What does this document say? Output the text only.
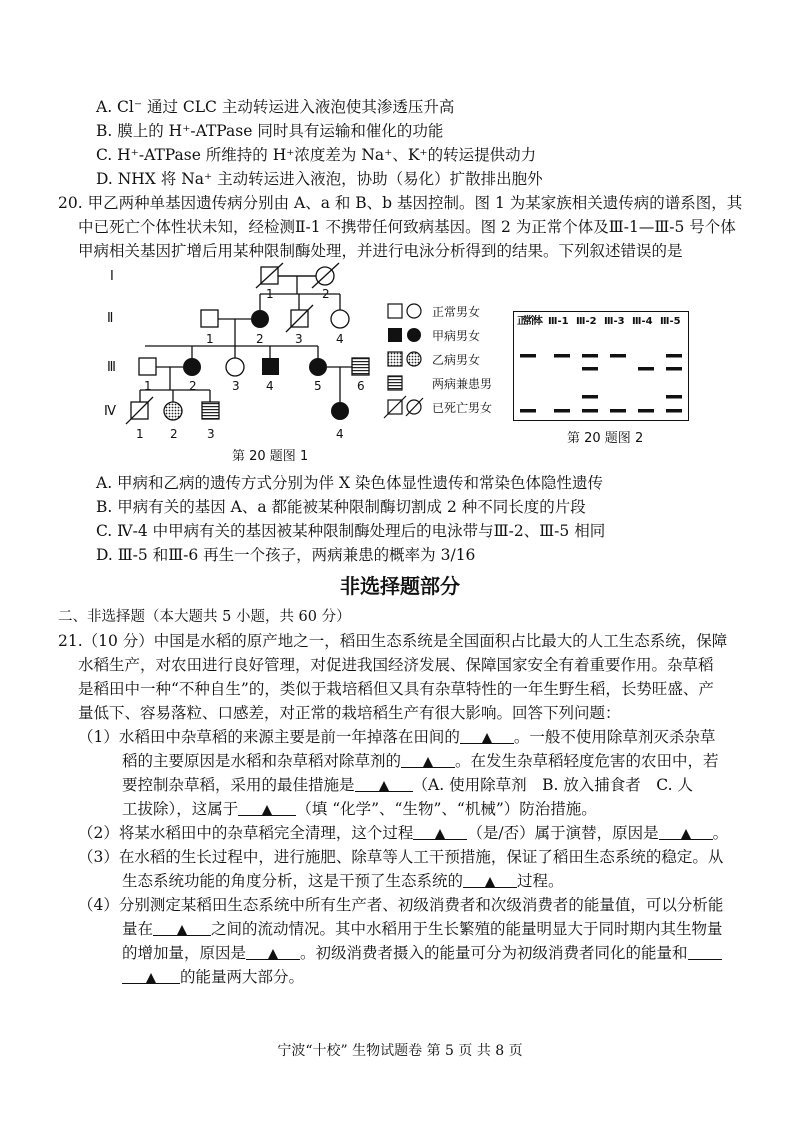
A. Cl⁻ 通过 CLC 主动转运进入液泡使其渗透压升高
B. 膜上的 H⁺-ATPase 同时具有运输和催化的功能
C. H⁺-ATPase 所维持的 H⁺浓度差为 Na⁺、K⁺的转运提供动力
D. NHX 将 Na⁺ 主动转运进入液泡，协助（易化）扩散排出胞外
20. 甲乙两种单基因遗传病分别由 A、a 和 B、b 基因控制。图 1 为某家族相关遗传病的谱系图，其
中已死亡个体性状未知，经检测Ⅱ-1 不携带任何致病基因。图 2 为正常个体及Ⅲ-1—Ⅲ-5 号个体
甲病相关基因扩增后用某种限制酶处理，并进行电泳分析得到的结果。下列叙述错误的是
1	2
1	2	3	4
1	2	3 4	5	6
1 2 3	4
Ⅰ
Ⅱ
Ⅲ
Ⅳ
第 20 题图 1
正常男女
甲病男女
乙病男女
两病兼患男
已死亡男女
正常个体 Ⅲ-1 Ⅲ-2 Ⅲ-3 Ⅲ-4 Ⅲ-5
第 20 题图 2
A. 甲病和乙病的遗传方式分别为伴 X 染色体显性遗传和常染色体隐性遗传
B. 甲病有关的基因 A、a 都能被某种限制酶切割成 2 种不同长度的片段
C. Ⅳ-4 中甲病有关的基因被某种限制酶处理后的电泳带与Ⅲ-2、Ⅲ-5 相同
D. Ⅲ-5 和Ⅲ-6 再生一个孩子，两病兼患的概率为 3/16
非选择题部分
二、非选择题（本大题共 5 小题，共 60 分）
21.（10 分）中国是水稻的原产地之一，稻田生态系统是全国面积占比最大的人工生态系统，保障
水稻生产，对农田进行良好管理，对促进我国经济发展、保障国家安全有着重要作用。杂草稻
是稻田中一种“不种自生”的，类似于栽培稻但又具有杂草特性的一年生野生稻，长势旺盛、产
量低下、容易落粒、口感差，对正常的栽培稻生产有很大影响。回答下列问题：
（1）水稻田中杂草稻的来源主要是前一年掉落在田间的	。一般不使用除草剂灭杀杂草
稻的主要原因是水稻和杂草稻对除草剂的	。在发生杂草稻轻度危害的农田中，若
要控制杂草稻，采用的最佳措施是	（A. 使用除草剂　B. 放入捕食者　C. 人
工拔除），这属于	（填 “化学”、“生物”、“机械”）防治措施。
（2）将某水稻田中的杂草稻完全清理，这个过程	（是/否）属于演替，原因是	。
（3）在水稻的生长过程中，进行施肥、除草等人工干预措施，保证了稻田生态系统的稳定。从
生态系统功能的角度分析，这是干预了生态系统的	过程。
（4）分别测定某稻田生态系统中所有生产者、初级消费者和次级消费者的能量值，可以分析能
量在	之间的流动情况。其中水稻用于生长繁殖的能量明显大于同时期内其生物量
的增加量，原因是	。初级消费者摄入的能量可分为初级消费者同化的能量和
的能量两大部分。
宁波“十校” 生物试题卷 第 5 页 共 8 页
